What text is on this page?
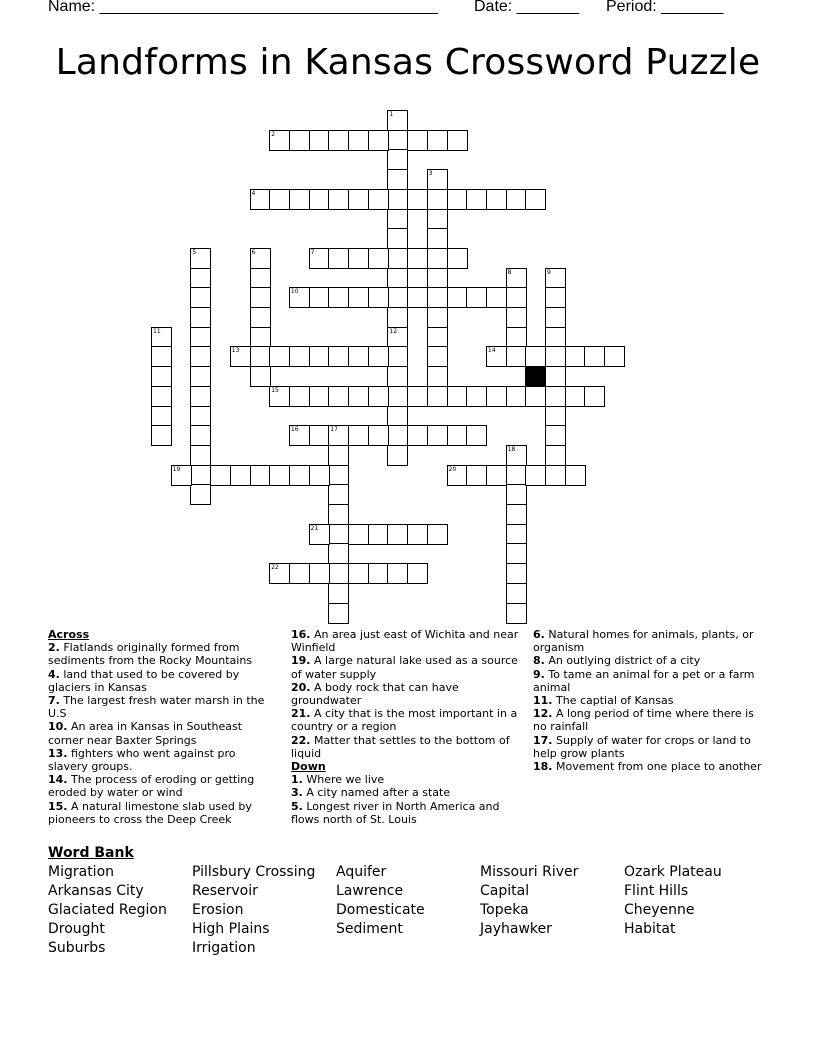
Name: ______________________________________ Date: _______ Period: _______
Landforms in Kansas Crossword Puzzle
1
12
2
3
4
5	6	7
8	9
10
11
13	14
15
16	17
18
19	20
21
22
Across
2. Flatlands originally formed from sediments from the Rocky Mountains
4. land that used to be covered by glaciers in Kansas
7. The largest fresh water marsh in the U.S
10. An area in Kansas in Southeast corner near Baxter Springs
13. fighters who went against pro slavery groups.
14. The process of eroding or getting eroded by water or wind
15. A natural limestone slab used by pioneers to cross the Deep Creek
16. An area just east of Wichita and near Winfield
19. A large natural lake used as a source of water supply
20. A body rock that can have groundwater
21. A city that is the most important in a country or a region
22. Matter that settles to the bottom of liquid
Down
1. Where we live
3. A city named after a state
5. Longest river in North America and flows north of St. Louis
6. Natural homes for animals, plants, or organism
8. An outlying district of a city
9. To tame an animal for a pet or a farm animal
11. The captial of Kansas
12. A long period of time where there is no rainfall
17. Supply of water for crops or land to help grow plants
18. Movement from one place to another
Word Bank
Migration	Pillsbury Crossing	Aquifer	Missouri River	Ozark Plateau
Arkansas City	Reservoir	Lawrence	Capital	Flint Hills
Glaciated Region	Erosion	Domesticate	Topeka	Cheyenne
Drought	High Plains	Sediment	Jayhawker	Habitat
Suburbs	Irrigation
